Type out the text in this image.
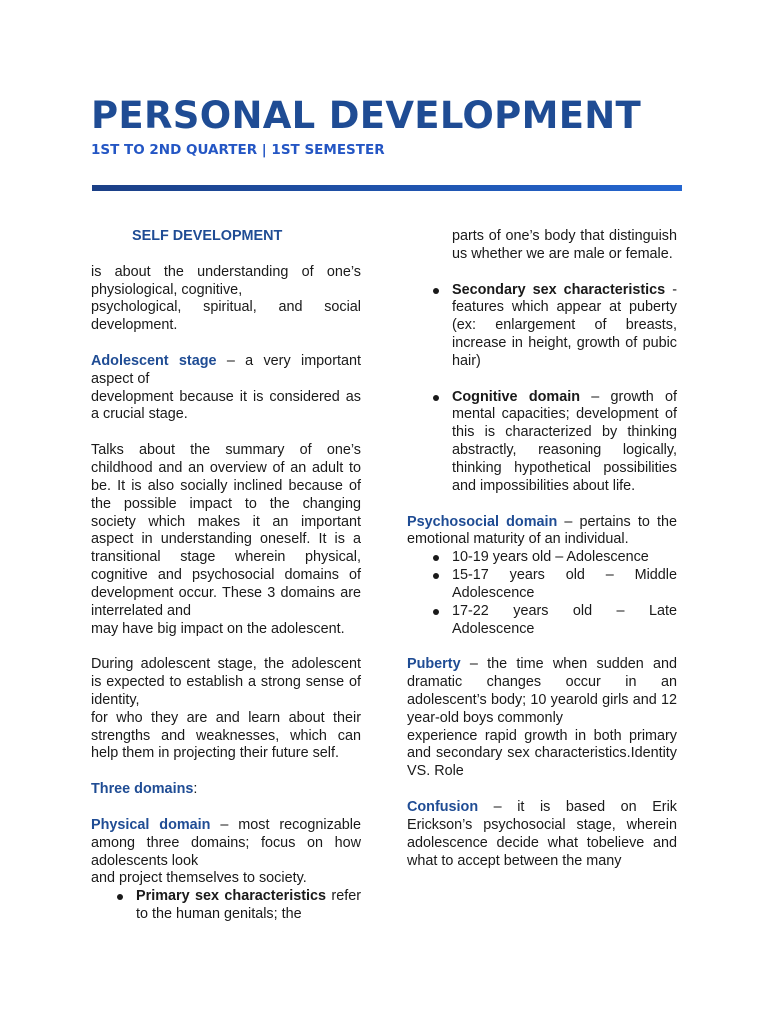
PERSONAL DEVELOPMENT
1ST TO 2ND QUARTER | 1ST SEMESTER
SELF DEVELOPMENT

is about the understanding of one’s physiological, cognitive,
psychological, spiritual, and social development.

Adolescent stage – a very important aspect of
development because it is considered as a crucial stage.

Talks about the summary of one’s childhood and an overview of an adult to be. It is also socially inclined because of the possible impact to the changing society which makes it an important aspect in understanding oneself. It is a transitional stage wherein physical, cognitive and psychosocial domains of development occur. These 3 domains are interrelated and
may have big impact on the adolescent.

During adolescent stage, the adolescent is expected to establish a strong sense of identity,
for who they are and learn about their strengths and weaknesses, which can help them in projecting their future self.

Three domains:

Physical domain – most recognizable among three domains; focus on how adolescents look
and project themselves to society.

Primary sex characteristics refer to the human genitals; the

parts of one’s body that distinguish us whether we are male or female.

Secondary sex characteristics - features which appear at puberty (ex: enlargement of breasts, increase in height, growth of pubic hair)
Cognitive domain – growth of mental capacities; development of this is characterized by thinking abstractly, reasoning logically, thinking hypothetical possibilities and impossibilities about life.

Psychosocial domain – pertains to the emotional maturity of an individual.

10-19 years old – Adolescence
15-17 years old – Middle Adolescence
17-22 years old – Late Adolescence

Puberty – the time when sudden and dramatic changes occur in an adolescent’s body; 10 yearold girls and 12 year-old boys commonly
experience rapid growth in both primary and secondary sex characteristics.Identity VS. Role

Confusion – it is based on Erik Erickson’s psychosocial stage, wherein adolescence decide what tobelieve and what to accept between the many
